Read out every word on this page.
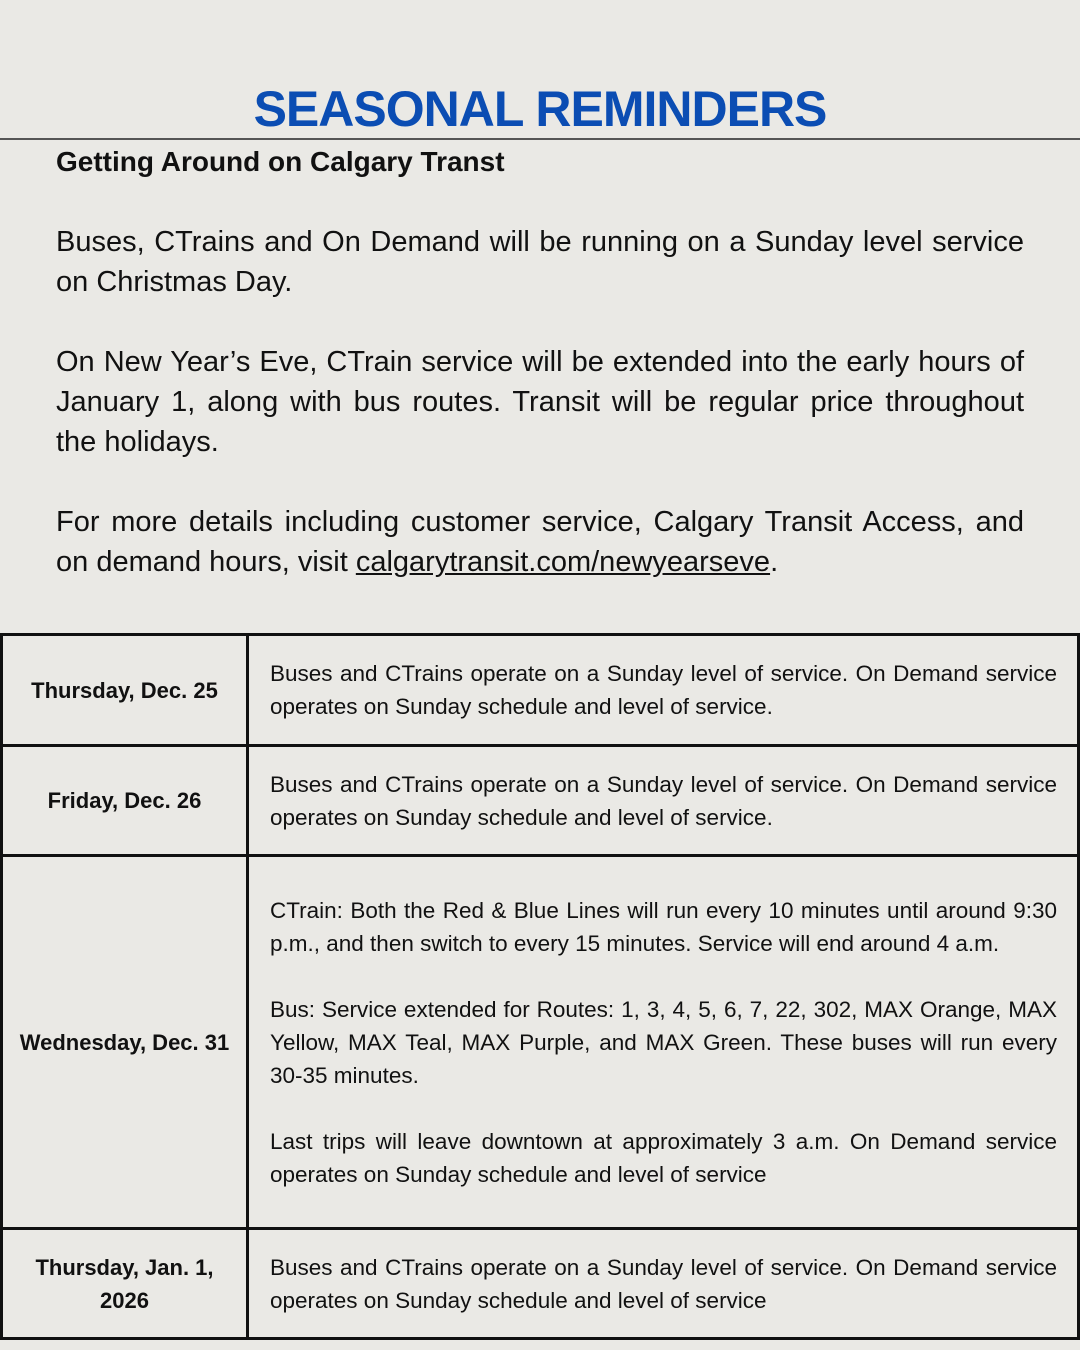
SEASONAL REMINDERS

Getting Around on Calgary Transt

Buses, CTrains and On Demand will be running on a Sunday level service on Christmas Day.

On New Year’s Eve, CTrain service will be extended into the early hours of January 1, along with bus routes. Transit will be regular price throughout the holidays.

For more details including customer service, Calgary Transit Access, and on demand hours, visit calgarytransit.com/newyearseve.

Thursday, Dec. 25	Buses and CTrains operate on a Sunday level of service. On Demand service operates on Sunday schedule and level of service.

Friday, Dec. 26	Buses and CTrains operate on a Sunday level of service. On Demand service operates on Sunday schedule and level of service.

Wednesday, Dec. 31	CTrain: Both the Red & Blue Lines will run every 10 minutes until around 9:30 p.m., and then switch to every 15 minutes. Service will end around 4 a.m.

Bus: Service extended for Routes: 1, 3, 4, 5, 6, 7, 22, 302, MAX Orange, MAX Yellow, MAX Teal, MAX Purple, and MAX Green. These buses will run every 30-35 minutes.

Last trips will leave downtown at approximately 3 a.m. On Demand service operates on Sunday schedule and level of service

Thursday, Jan. 1, 2026	Buses and CTrains operate on a Sunday level of service. On Demand service operates on Sunday schedule and level of service
